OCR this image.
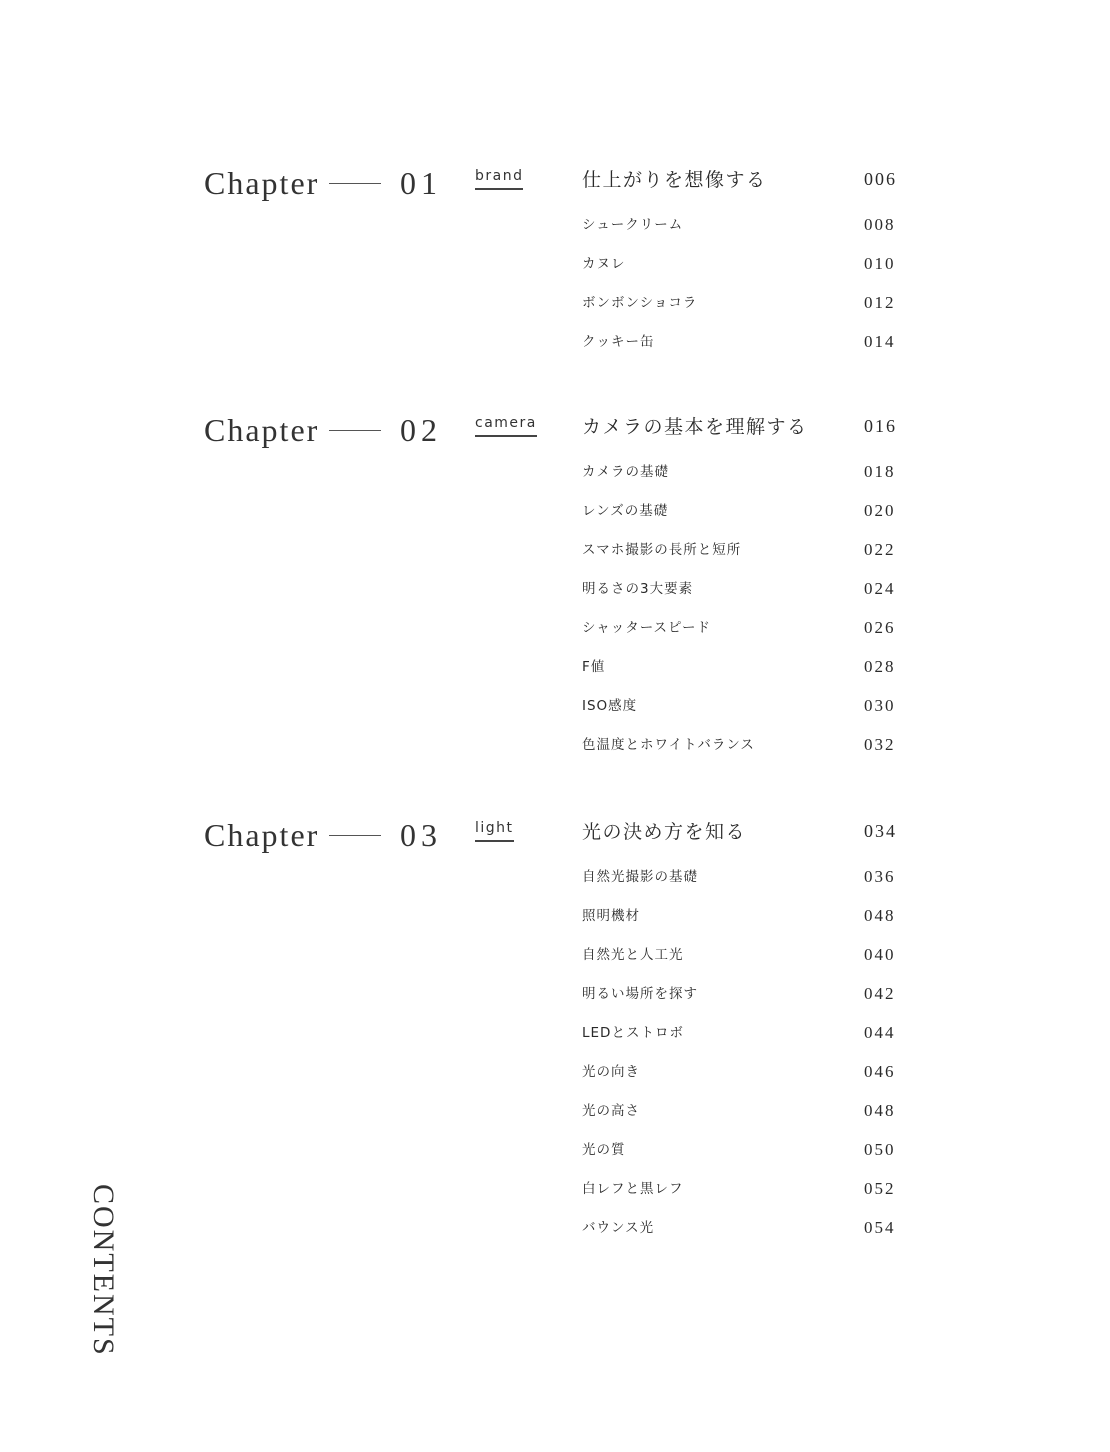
Chapter	01 brand	仕上がりを想像する	006
シュークリーム	008
カヌレ	010
ボンボンショコラ	012
クッキー缶	014
Chapter	02 camera カメラの基本を理解する	016
カメラの基礎	018
レンズの基礎	020
スマホ撮影の長所と短所	022
明るさの3大要素	024
シャッタースピード	026
F値	028
ISO感度	030
色温度とホワイトバランス	032
Chapter	03 light	光の決め方を知る	034
自然光撮影の基礎	036
照明機材	048
自然光と人工光	040
明るい場所を探す	042
LEDとストロボ	044
光の向き	046
光の高さ	048
光の質	050
白レフと黒レフ	052
バウンス光	054
CONTENTS
